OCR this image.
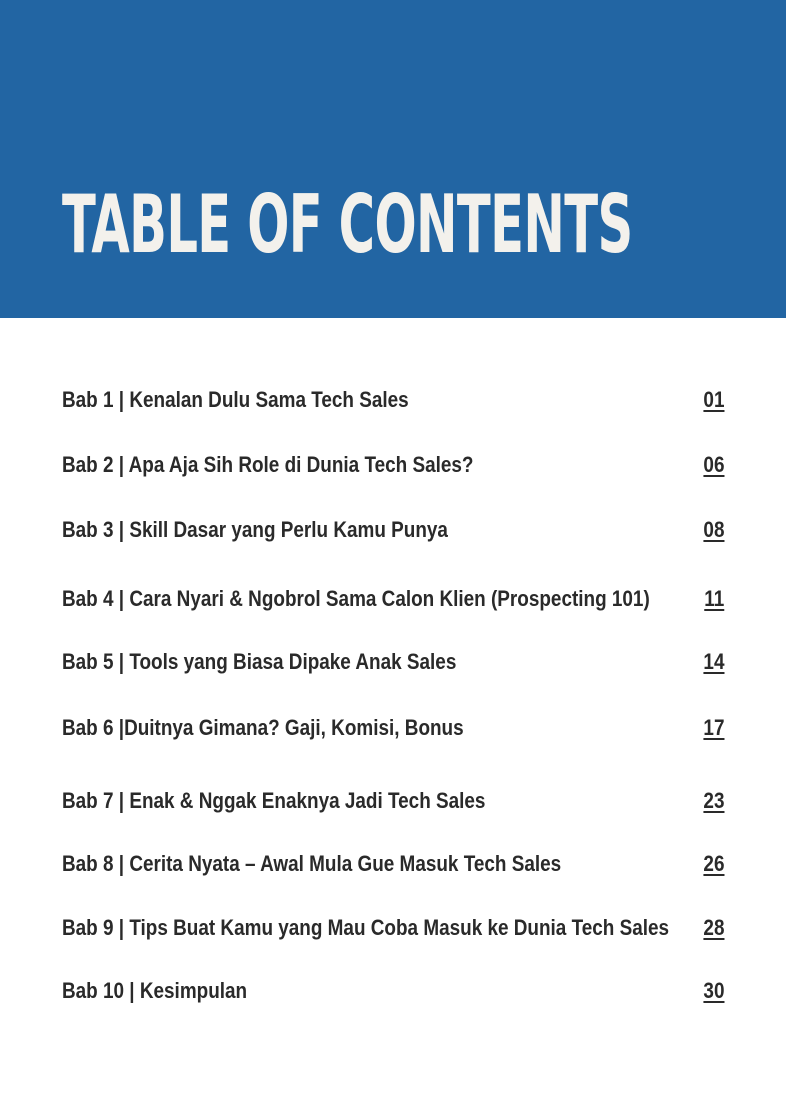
TABLE OF CONTENTS
Bab 1 | Kenalan Dulu Sama Tech Sales	01
Bab 2 | Apa Aja Sih Role di Dunia Tech Sales?	06
Bab 3 | Skill Dasar yang Perlu Kamu Punya	08
Bab 4 | Cara Nyari & Ngobrol Sama Calon Klien (Prospecting 101) 11
Bab 5 | Tools yang Biasa Dipake Anak Sales	14
Bab 6 |Duitnya Gimana? Gaji, Komisi, Bonus	17
Bab 7 | Enak & Nggak Enaknya Jadi Tech Sales	23
Bab 8 | Cerita Nyata – Awal Mula Gue Masuk Tech Sales	26
Bab 9 | Tips Buat Kamu yang Mau Coba Masuk ke Dunia Tech Sales 28
Bab 10 | Kesimpulan	30
